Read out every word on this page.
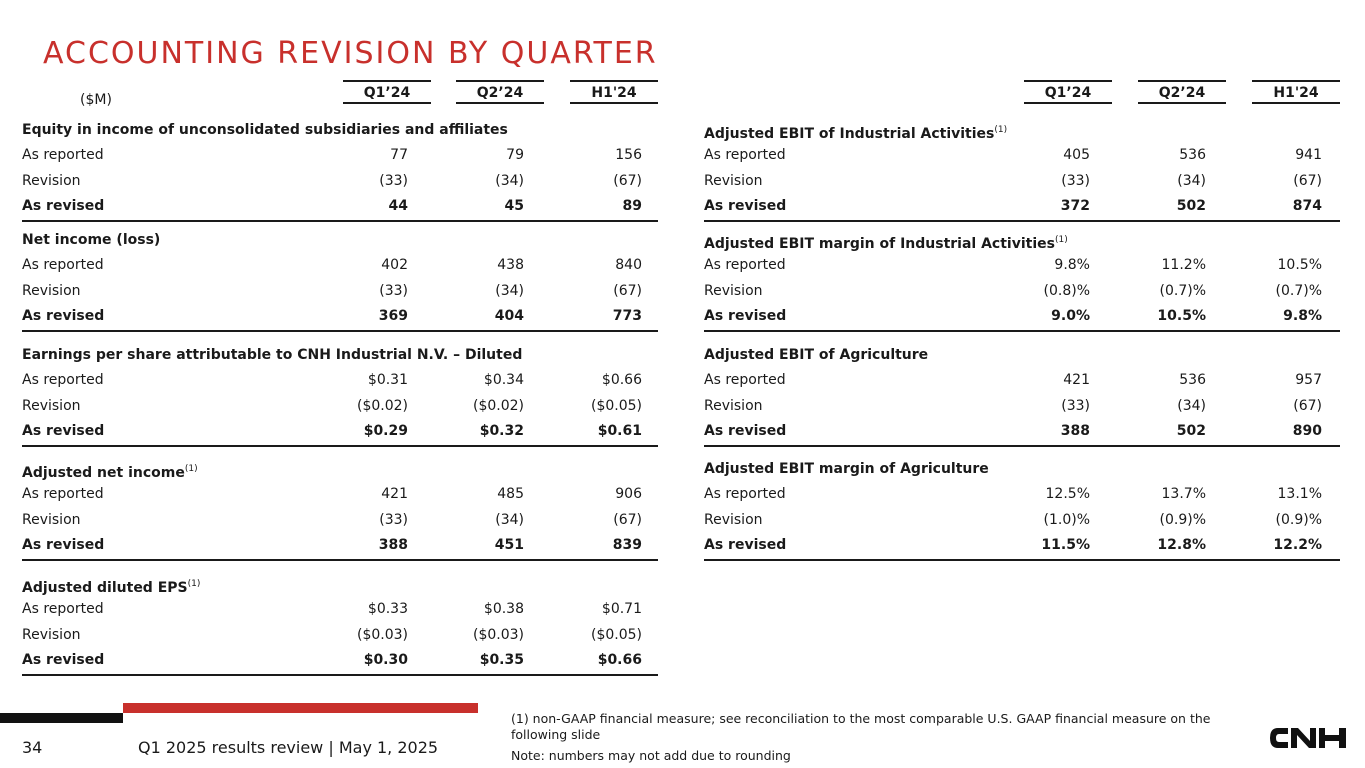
ACCOUNTING REVISION BY QUARTER
($M)	Q1’24	Q2’24	H1'24	Q1’24	Q2’24	H1'24
Equity in income of unconsolidated subsidiaries and affiliates
As reported	77	79	156
Revision	(33)	(34)	(67)
As revised	44	45	89
Net income (loss)
As reported	402	438	840
Revision	(33)	(34)	(67)
As revised	369	404	773
Earnings per share attributable to CNH Industrial N.V. – Diluted
As reported	$0.31	$0.34	$0.66
Revision	($0.02)	($0.02)	($0.05)
As revised	$0.29	$0.32	$0.61
Adjusted net income$^{(1)}$
As reported	421	485	906
Revision	(33)	(34)	(67)
As revised	388	451	839
Adjusted diluted EPS$^{(1)}$
As reported	$0.33	$0.38	$0.71
Revision	($0.03)	($0.03)	($0.05)
As revised	$0.30	$0.35	$0.66
Adjusted EBIT of Industrial Activities$^{(1)}$
As reported	405	536	941
Revision	(33)	(34)	(67)
As revised	372	502	874
Adjusted EBIT margin of Industrial Activities$^{(1)}$
As reported	9.8%	11.2%	10.5%
Revision	(0.8)%	(0.7)%	(0.7)%
As revised	9.0%	10.5%	9.8%
Adjusted EBIT of Agriculture
As reported	421	536	957
Revision	(33)	(34)	(67)
As revised	388	502	890
Adjusted EBIT margin of Agriculture
As reported	12.5%	13.7%	13.1%
Revision	(1.0)%	(0.9)%	(0.9)%
As revised	11.5%	12.8%	12.2%
34	Q1 2025 results review | May 1, 2025
(1) non-GAAP financial measure; see reconciliation to the most comparable U.S. GAAP financial measure on the following slide
Note: numbers may not add due to rounding
